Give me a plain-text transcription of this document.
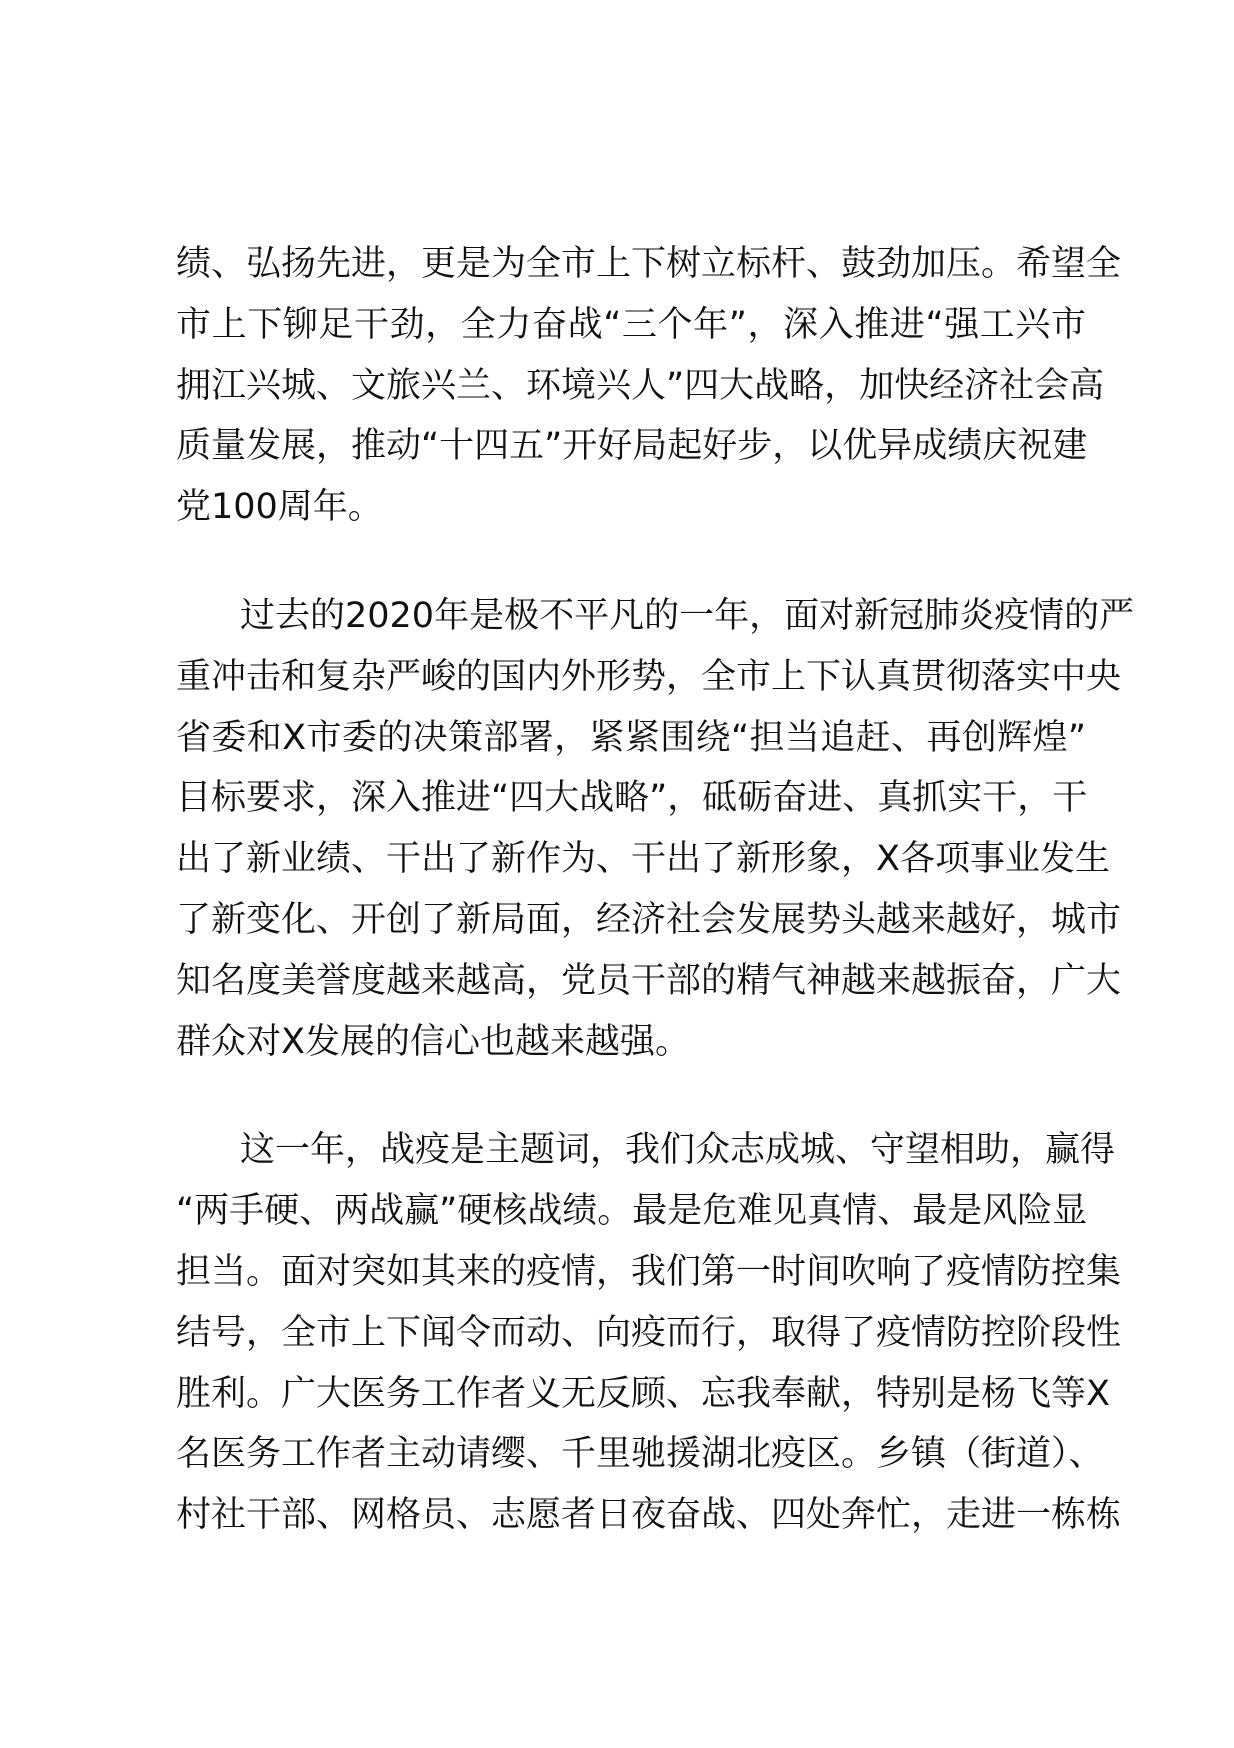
绩、弘扬先进，更是为全市上下树立标杆、鼓劲加压。希望全
市上下铆足干劲，全力奋战“三个年”，深入推进“强工兴市
拥江兴城、文旅兴兰、环境兴人”四大战略，加快经济社会高
质量发展，推动“十四五”开好局起好步，以优异成绩庆祝建
党100周年。
过去的2020年是极不平凡的一年，面对新冠肺炎疫情的严
重冲击和复杂严峻的国内外形势，全市上下认真贯彻落实中央
省委和X市委的决策部署，紧紧围绕“担当追赶、再创辉煌”
目标要求，深入推进“四大战略”，砥砺奋进、真抓实干，干
出了新业绩、干出了新作为、干出了新形象，X各项事业发生
了新变化、开创了新局面，经济社会发展势头越来越好，城市
知名度美誉度越来越高，党员干部的精气神越来越振奋，广大
群众对X发展的信心也越来越强。
这一年，战疫是主题词，我们众志成城、守望相助，赢得
“两手硬、两战赢”硬核战绩。最是危难见真情、最是风险显
担当。面对突如其来的疫情，我们第一时间吹响了疫情防控集
结号，全市上下闻令而动、向疫而行，取得了疫情防控阶段性
胜利。广大医务工作者义无反顾、忘我奉献，特别是杨飞等X
名医务工作者主动请缨、千里驰援湖北疫区。乡镇（街道）、
村社干部、网格员、志愿者日夜奋战、四处奔忙，走进一栋栋
